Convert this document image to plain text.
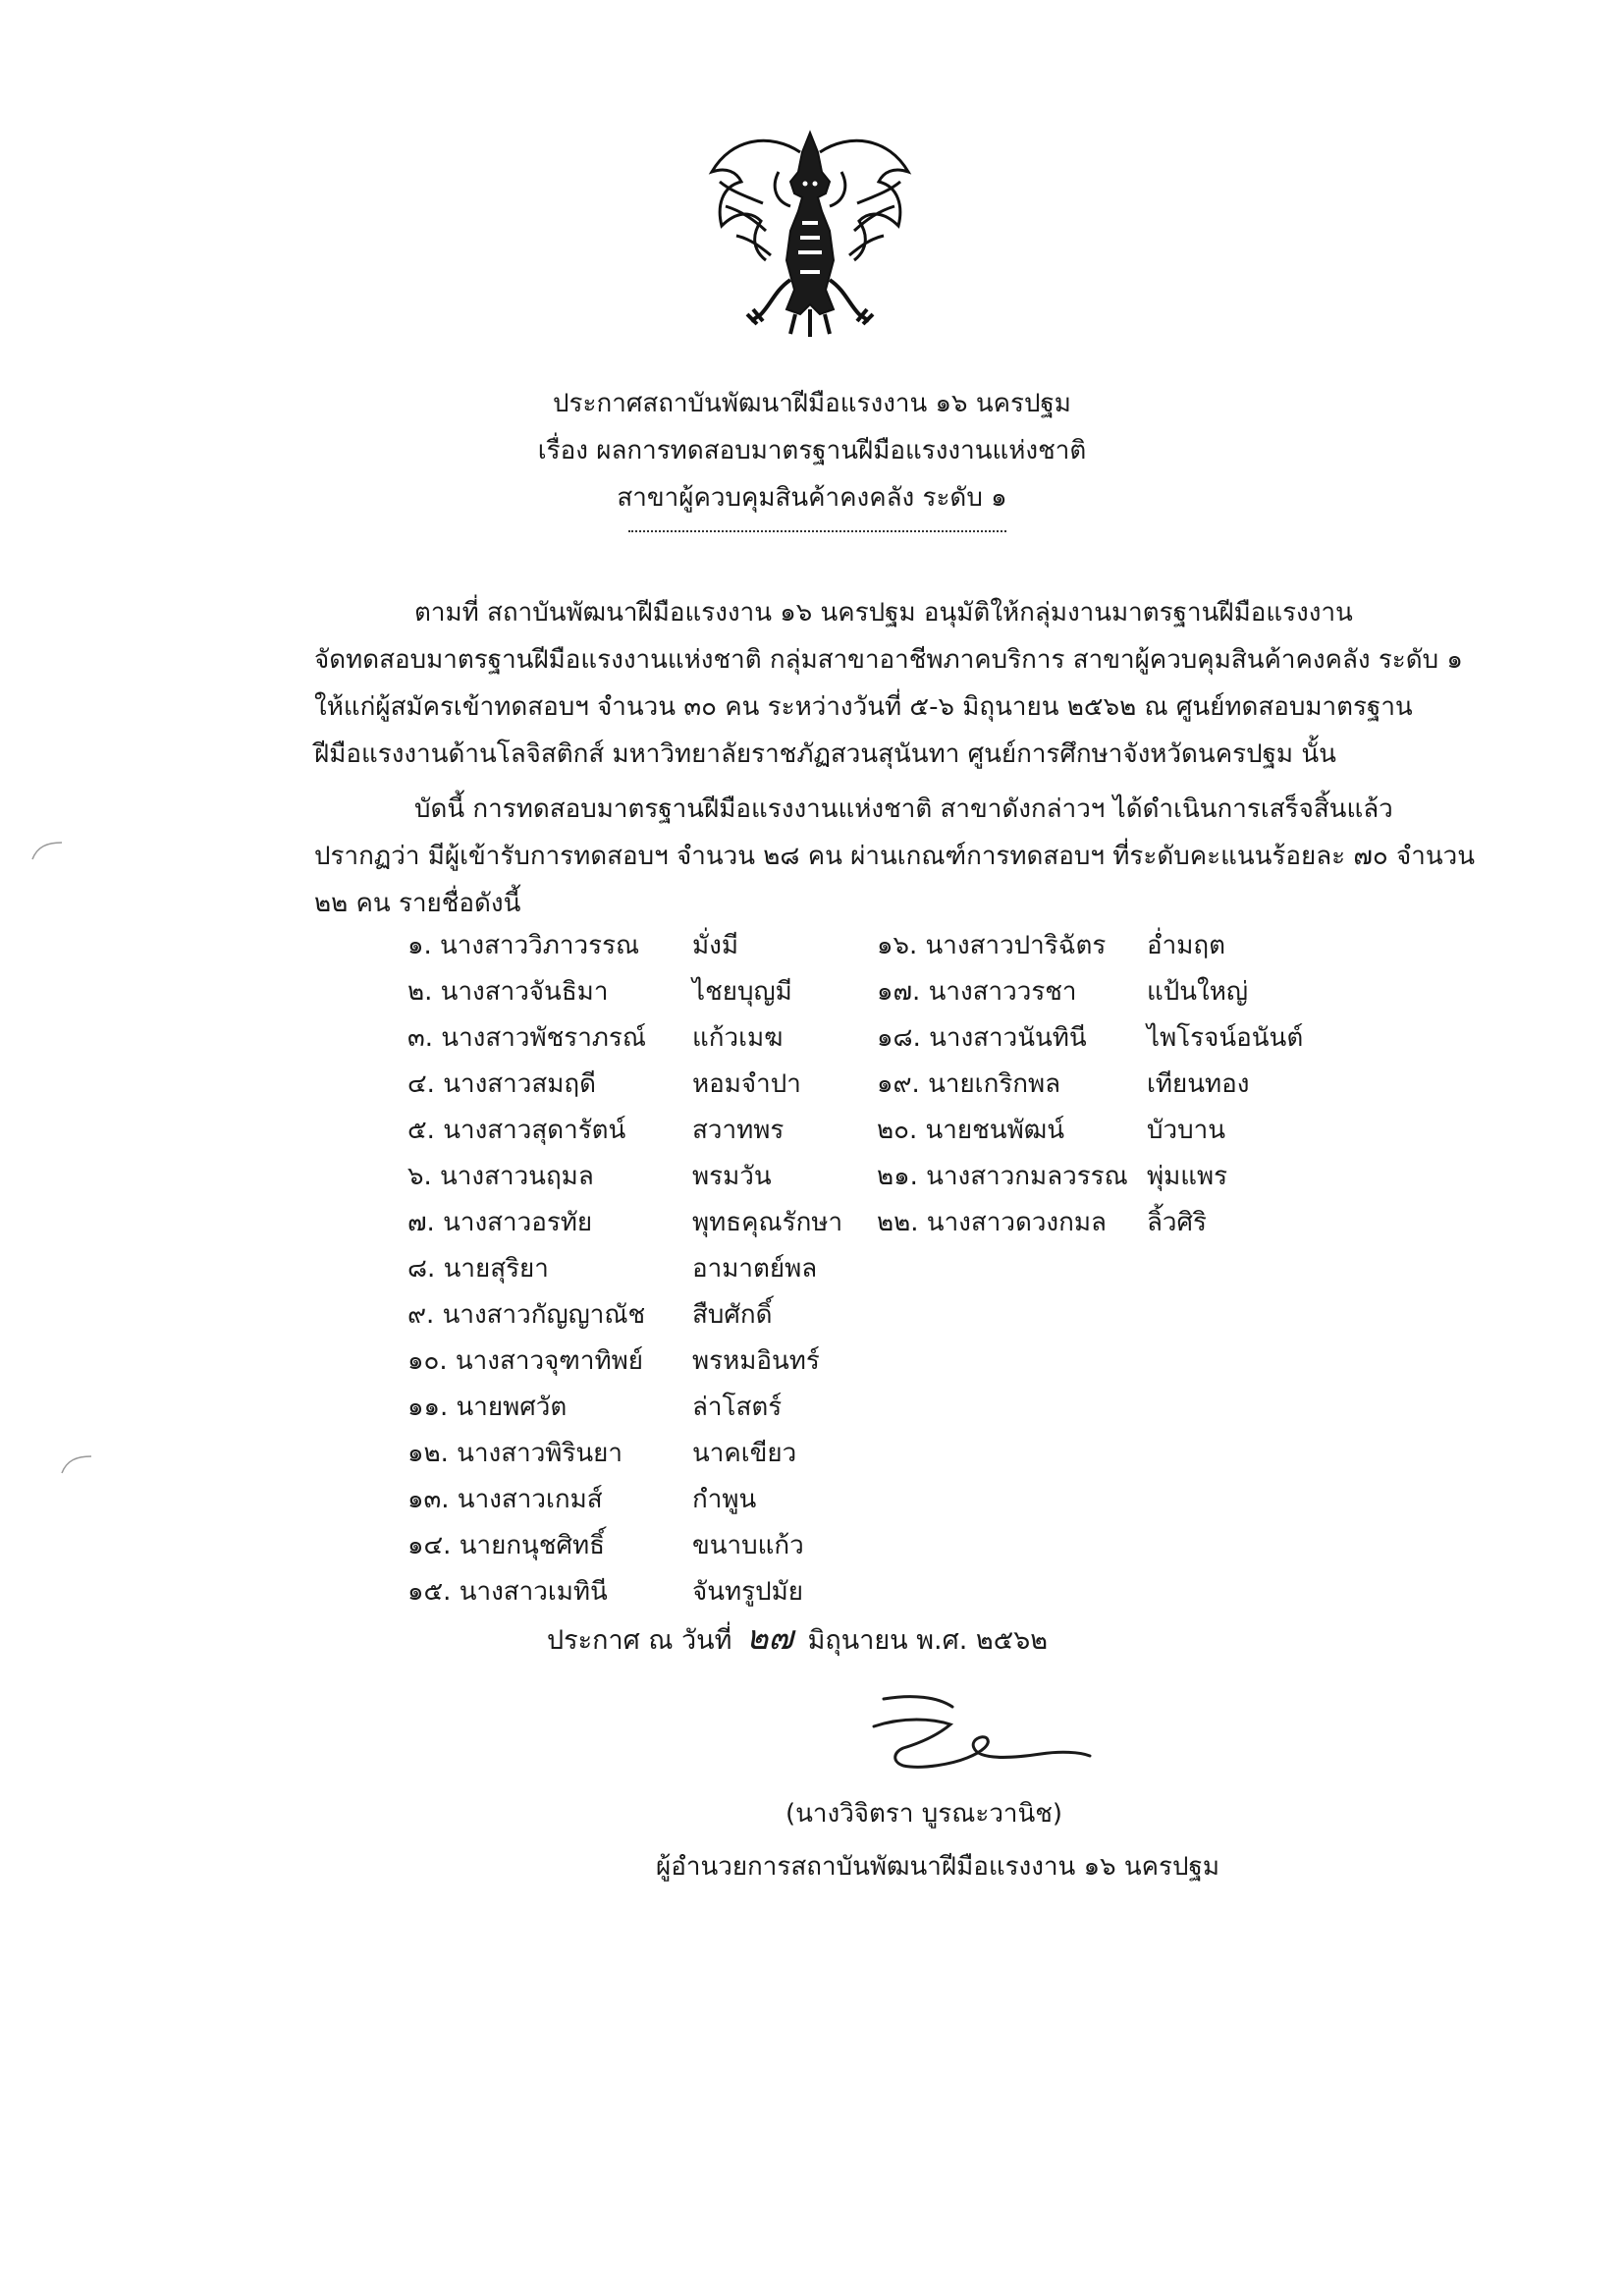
ประกาศสถาบันพัฒนาฝีมือแรงงาน ๑๖ นครปฐม
เรื่อง ผลการทดสอบมาตรฐานฝีมือแรงงานแห่งชาติ
สาขาผู้ควบคุมสินค้าคงคลัง ระดับ ๑
ตามที่ สถาบันพัฒนาฝีมือแรงงาน ๑๖ นครปฐม อนุมัติให้กลุ่มงานมาตรฐานฝีมือแรงงาน
จัดทดสอบมาตรฐานฝีมือแรงงานแห่งชาติ กลุ่มสาขาอาชีพภาคบริการ สาขาผู้ควบคุมสินค้าคงคลัง ระดับ ๑
ให้แก่ผู้สมัครเข้าทดสอบฯ จำนวน ๓๐ คน ระหว่างวันที่ ๕-๖ มิถุนายน ๒๕๖๒ ณ ศูนย์ทดสอบมาตรฐาน
ฝีมือแรงงานด้านโลจิสติกส์ มหาวิทยาลัยราชภัฏสวนสุนันทา ศูนย์การศึกษาจังหวัดนครปฐม นั้น
บัดนี้ การทดสอบมาตรฐานฝีมือแรงงานแห่งชาติ สาขาดังกล่าวฯ ได้ดำเนินการเสร็จสิ้นแล้ว
ปรากฏว่า มีผู้เข้ารับการทดสอบฯ จำนวน ๒๘ คน ผ่านเกณฑ์การทดสอบฯ ที่ระดับคะแนนร้อยละ ๗๐ จำนวน
๒๒ คน รายชื่อดังนี้
๑. นางสาววิภาวรรณ	มั่งมี
๒. นางสาวจันธิมา	ไชยบุญมี
๓. นางสาวพัชราภรณ์	แก้วเมฆ
๔. นางสาวสมฤดี	หอมจำปา
๕. นางสาวสุดารัตน์	สวาทพร
๖. นางสาวนฤมล	พรมวัน
๗. นางสาวอรทัย	พุทธคุณรักษา
๘. นายสุริยา	อามาตย์พล
๙. นางสาวกัญญาณัช	สืบศักดิ์
๑๐. นางสาวจุฑาทิพย์	พรหมอินทร์
๑๑. นายพศวัต	ล่าโสตร์
๑๒. นางสาวพิรินยา	นาคเขียว
๑๓. นางสาวเกมส์	กำพูน
๑๔. นายกนุชศิทธิ์	ขนาบแก้ว
๑๕. นางสาวเมทินี	จันทรูปมัย
๑๖. นางสาวปาริฉัตร	อ่ำมฤต
๑๗. นางสาววรชา	แป้นใหญ่
๑๘. นางสาวนันทินี	ไพโรจน์อนันต์
๑๙. นายเกริกพล	เทียนทอง
๒๐. นายชนพัฒน์	บัวบาน
๒๑. นางสาวกมลวรรณ พุ่มแพร
๒๒. นางสาวดวงกมล	ลิ้วศิริ
ประกาศ ณ วันที่ ๒๗ มิถุนายน พ.ศ. ๒๕๖๒
(นางวิจิตรา บูรณะวานิช)
ผู้อำนวยการสถาบันพัฒนาฝีมือแรงงาน ๑๖ นครปฐม
